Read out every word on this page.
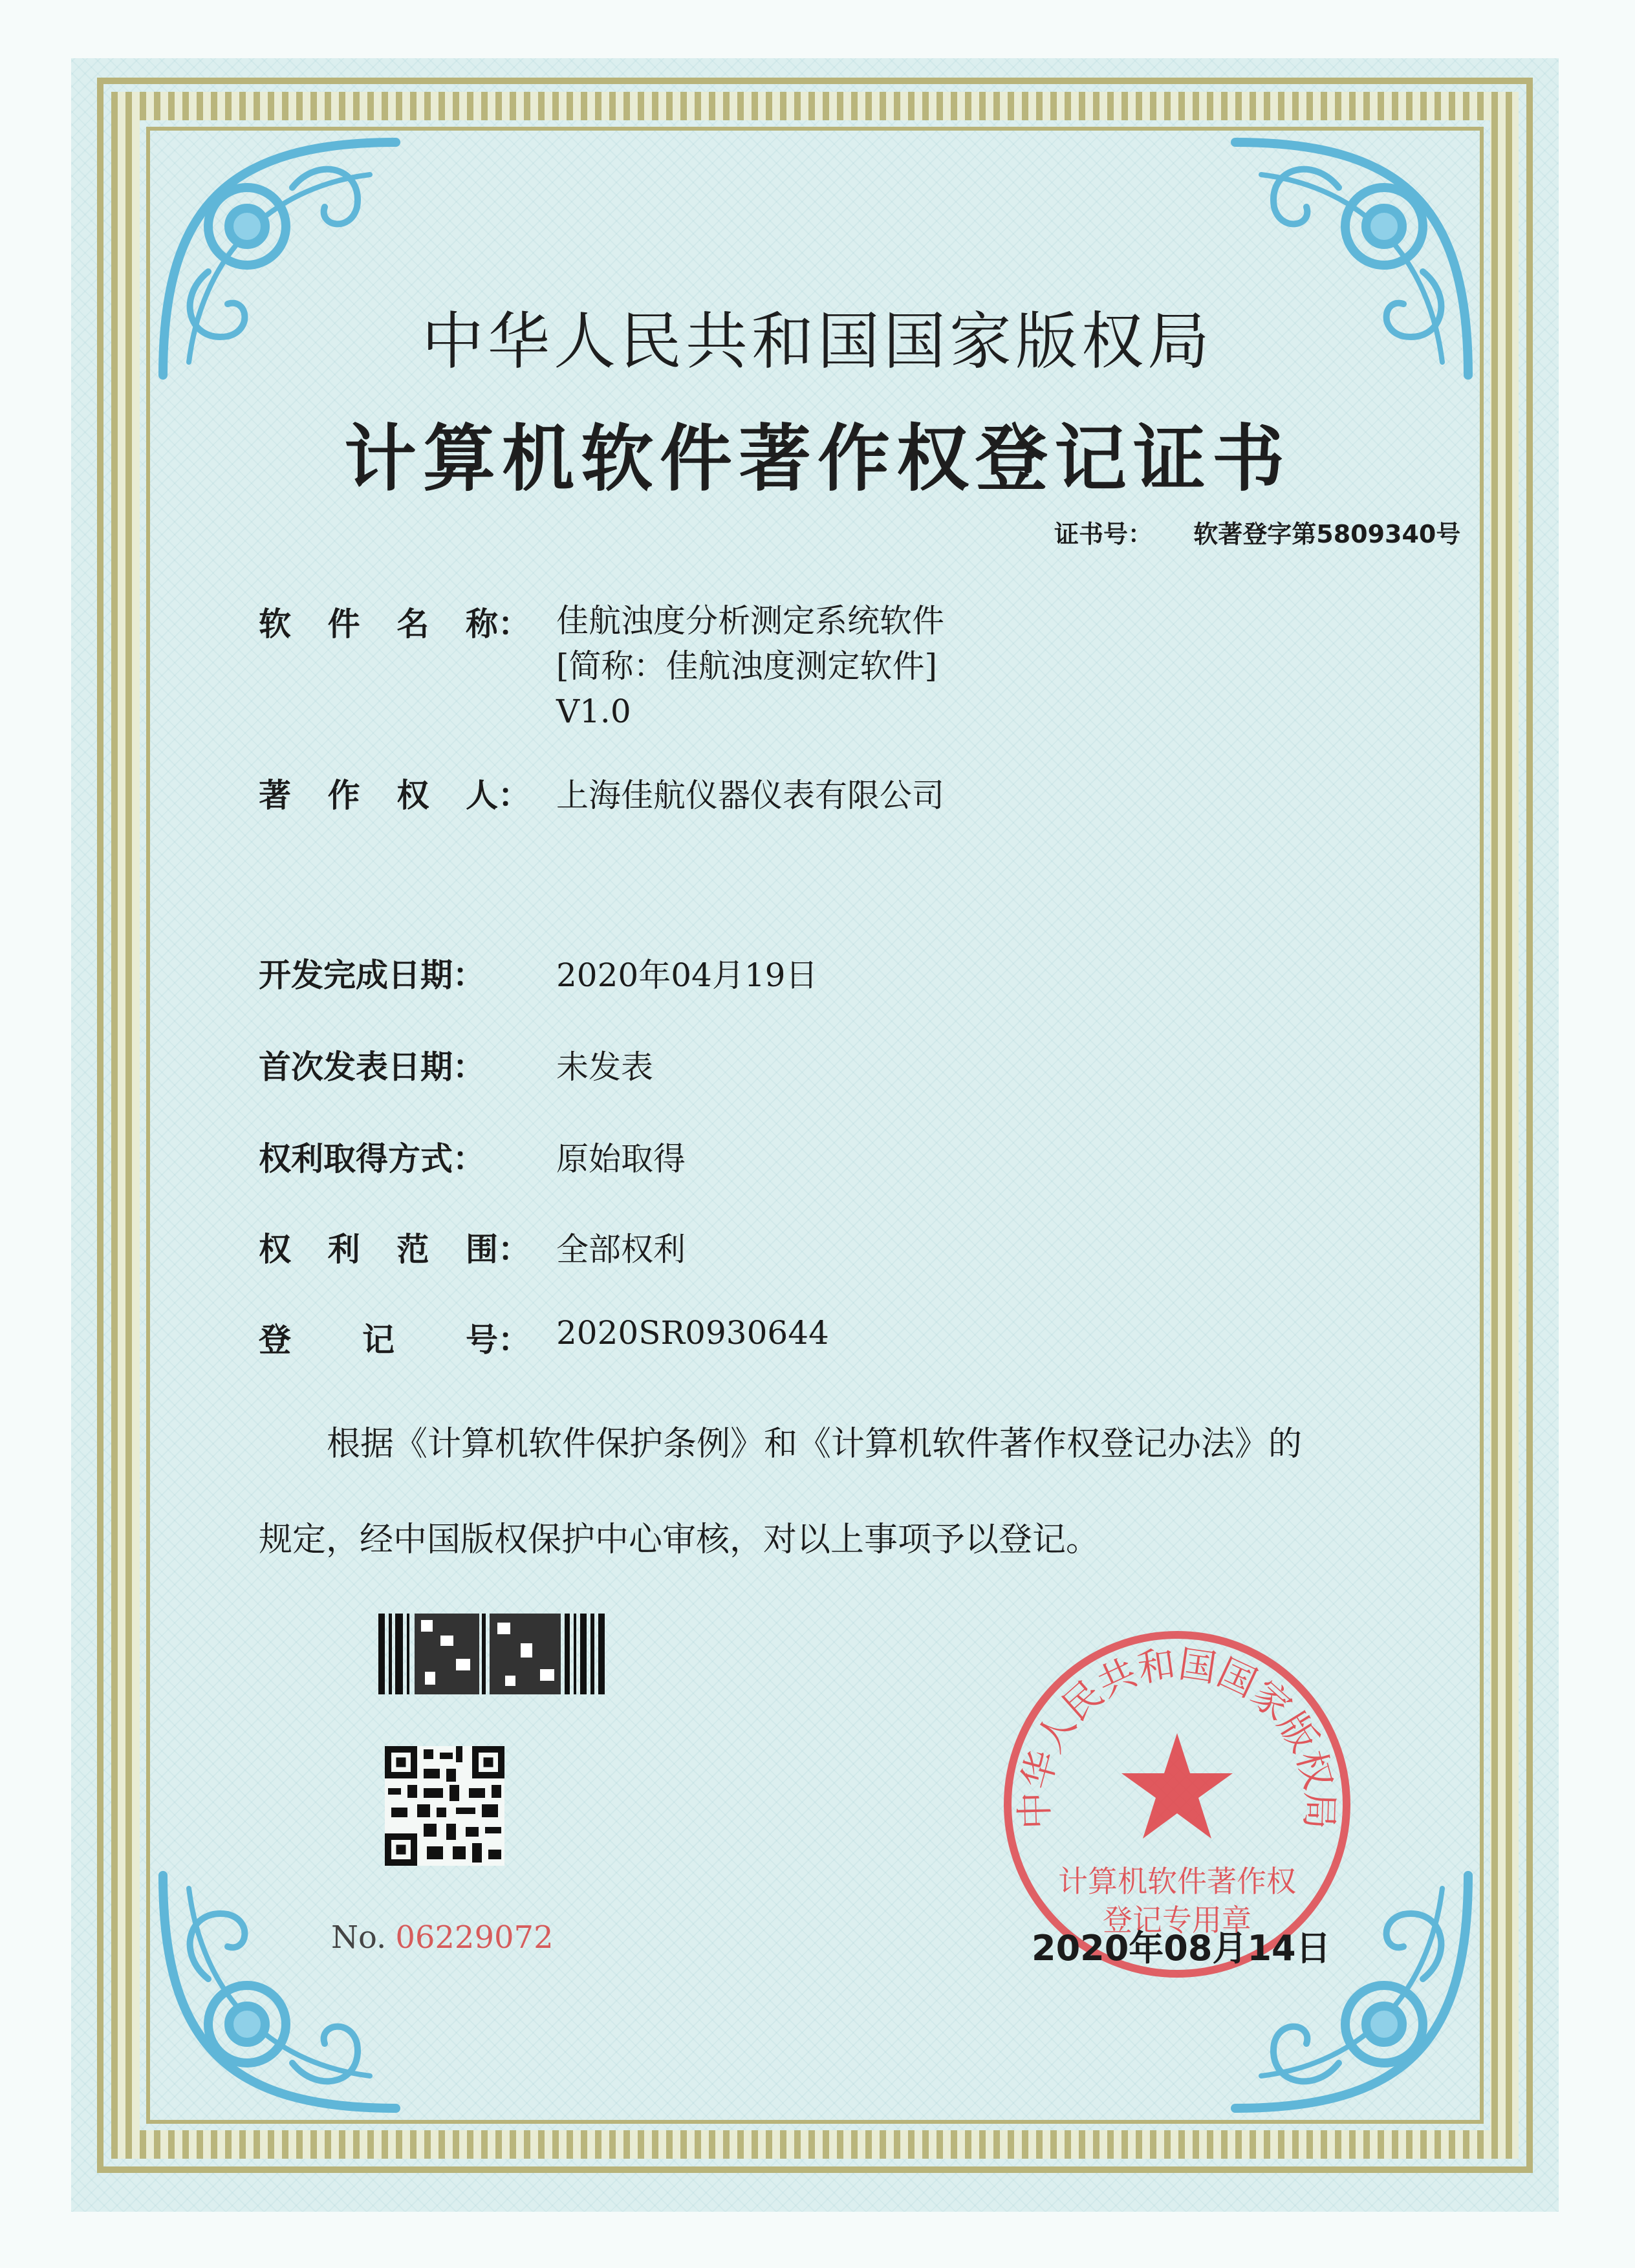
中华人民共和国国家版权局
计算机软件著作权登记证书
证书号： 软著登字第5809340号
软 件 名 称： 佳航浊度分析测定系统软件
[简称：佳航浊度测定软件]
V1.0
著 作 权 人： 上海佳航仪器仪表有限公司
开发完成日期：	2020年04月19日
首次发表日期：	未发表
权利取得方式：	原始取得
权 利 范 围： 全部权利
登 记 号： 2020SR0930644
根据《计算机软件保护条例》和《计算机软件著作权登记办法》的
规定，经中国版权保护中心审核，对以上事项予以登记。
No. 06229072
中华人民共和国国家版权局
计算机软件著作权
登记专用章
2020年08月14日
